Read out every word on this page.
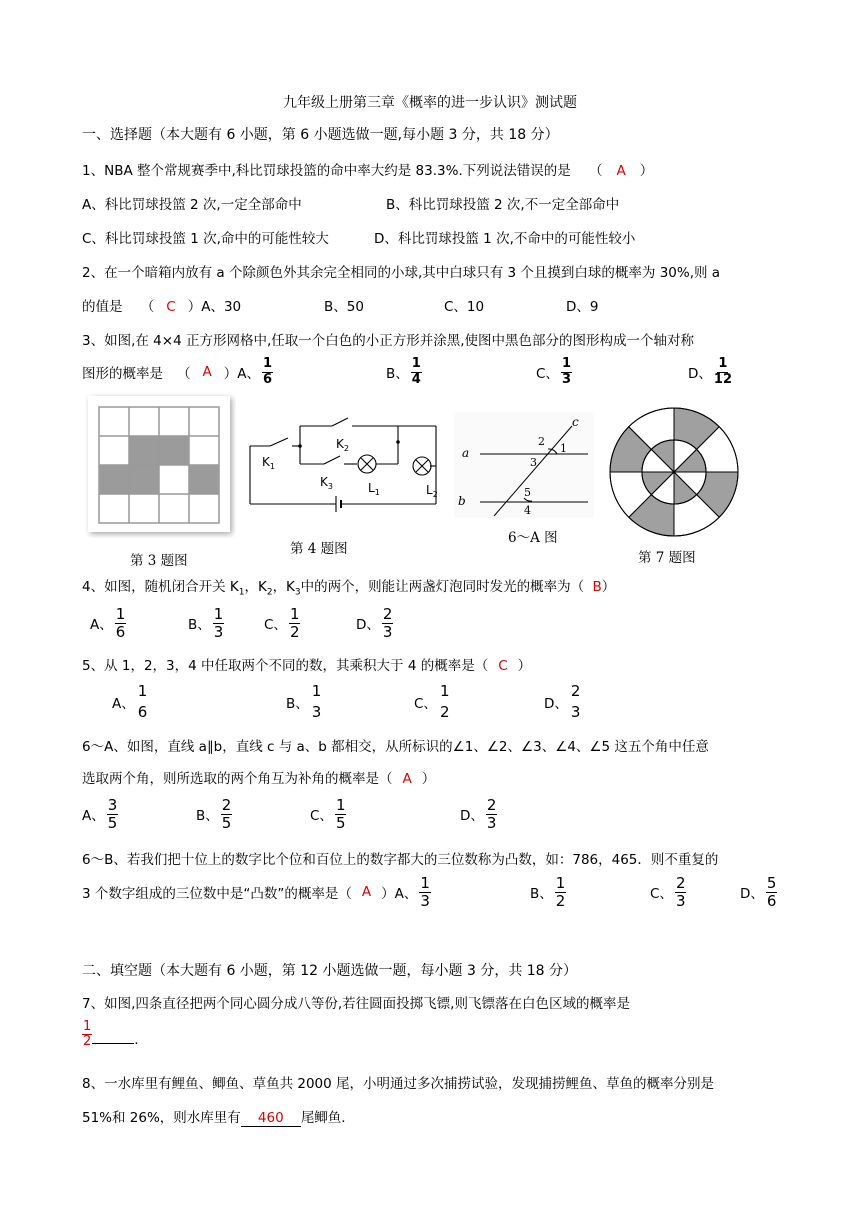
九年级上册第三章《概率的进一步认识》测试题
一、选择题（本大题有 6 小题，第 6 小题选做一题,每小题 3 分，共 18 分）
1、NBA 整个常规赛季中,科比罚球投篮的命中率大约是 83.3%.下列说法错误的是 （ A ）
A、科比罚球投篮 2 次,一定全部命中	B、科比罚球投篮 2 次,不一定全部命中
C、科比罚球投篮 1 次,命中的可能性较大	D、科比罚球投篮 1 次,不命中的可能性较小
2、在一个暗箱内放有 a 个除颜色外其余完全相同的小球,其中白球只有 3 个且摸到白球的概率为 30%,则 a
的值是 （ C ）A、30	B、50	C、10	D、9
3、如图,在 4×4 正方形网格中,任取一个白色的小正方形并涂黑,使图中黑色部分的图形构成一个轴对称
图形的概率是 （ A ） A、 $\frac{1}{6}$	B、 $\frac{1}{4}$	C、 $\frac{1}{3}$	D、 $\frac{1}{12}$
第 3 题图
$K_1$
$K_2$
$K_3$	$L_1$	$L_2$
第 4 题图
a
b
c
1
2
3
5
4
6～A 图
第 7 题图
4、如图，随机闭合开关 $K_1$，$K_2$，$K_3$中的两个，则能让两盏灯泡同时发光的概率为（ B）
A、 $\frac{1}{6}$	B、 $\frac{1}{3}$	C、 $\frac{1}{2}$	D、 $\frac{2}{3}$
5、从 1，2，3，4 中任取两个不同的数，其乘积大于 4 的概率是（ C ）
A、
1
6	B、
1
3	C、
1
2	D、
2
3
6～A、如图，直线 a∥b，直线 c 与 a、b 都相交，从所标识的∠1、∠2、∠3、∠4、∠5 这五个角中任意
选取两个角，则所选取的两个角互为补角的概率是（ A ）
A、 $\frac{3}{5}$	B、 $\frac{2}{5}$	C、 $\frac{1}{5}$	D、 $\frac{2}{3}$
6～B、若我们把十位上的数字比个位和百位上的数字都大的三位数称为凸数，如：786，465．则不重复的
3 个数字组成的三位数中是“凸数”的概率是（ A ） A、 $\frac{1}{3}$	B、 $\frac{1}{2}$	C、 $\frac{2}{3}$	D、 $\frac{5}{6}$
二、填空题（本大题有 6 小题，第 12 小题选做一题，每小题 3 分，共 18 分）
7、如图,四条直径把两个同心圆分成八等份,若往圆面投掷飞镖,则飞镖落在白色区域的概率是
$\frac{1}{2}$	.
8、一水库里有鲤鱼、鲫鱼、草鱼共 2000 尾，小明通过多次捕捞试验，发现捕捞鲤鱼、草鱼的概率分别是
51%和 26%，则水库里有 460 尾鲫鱼．
